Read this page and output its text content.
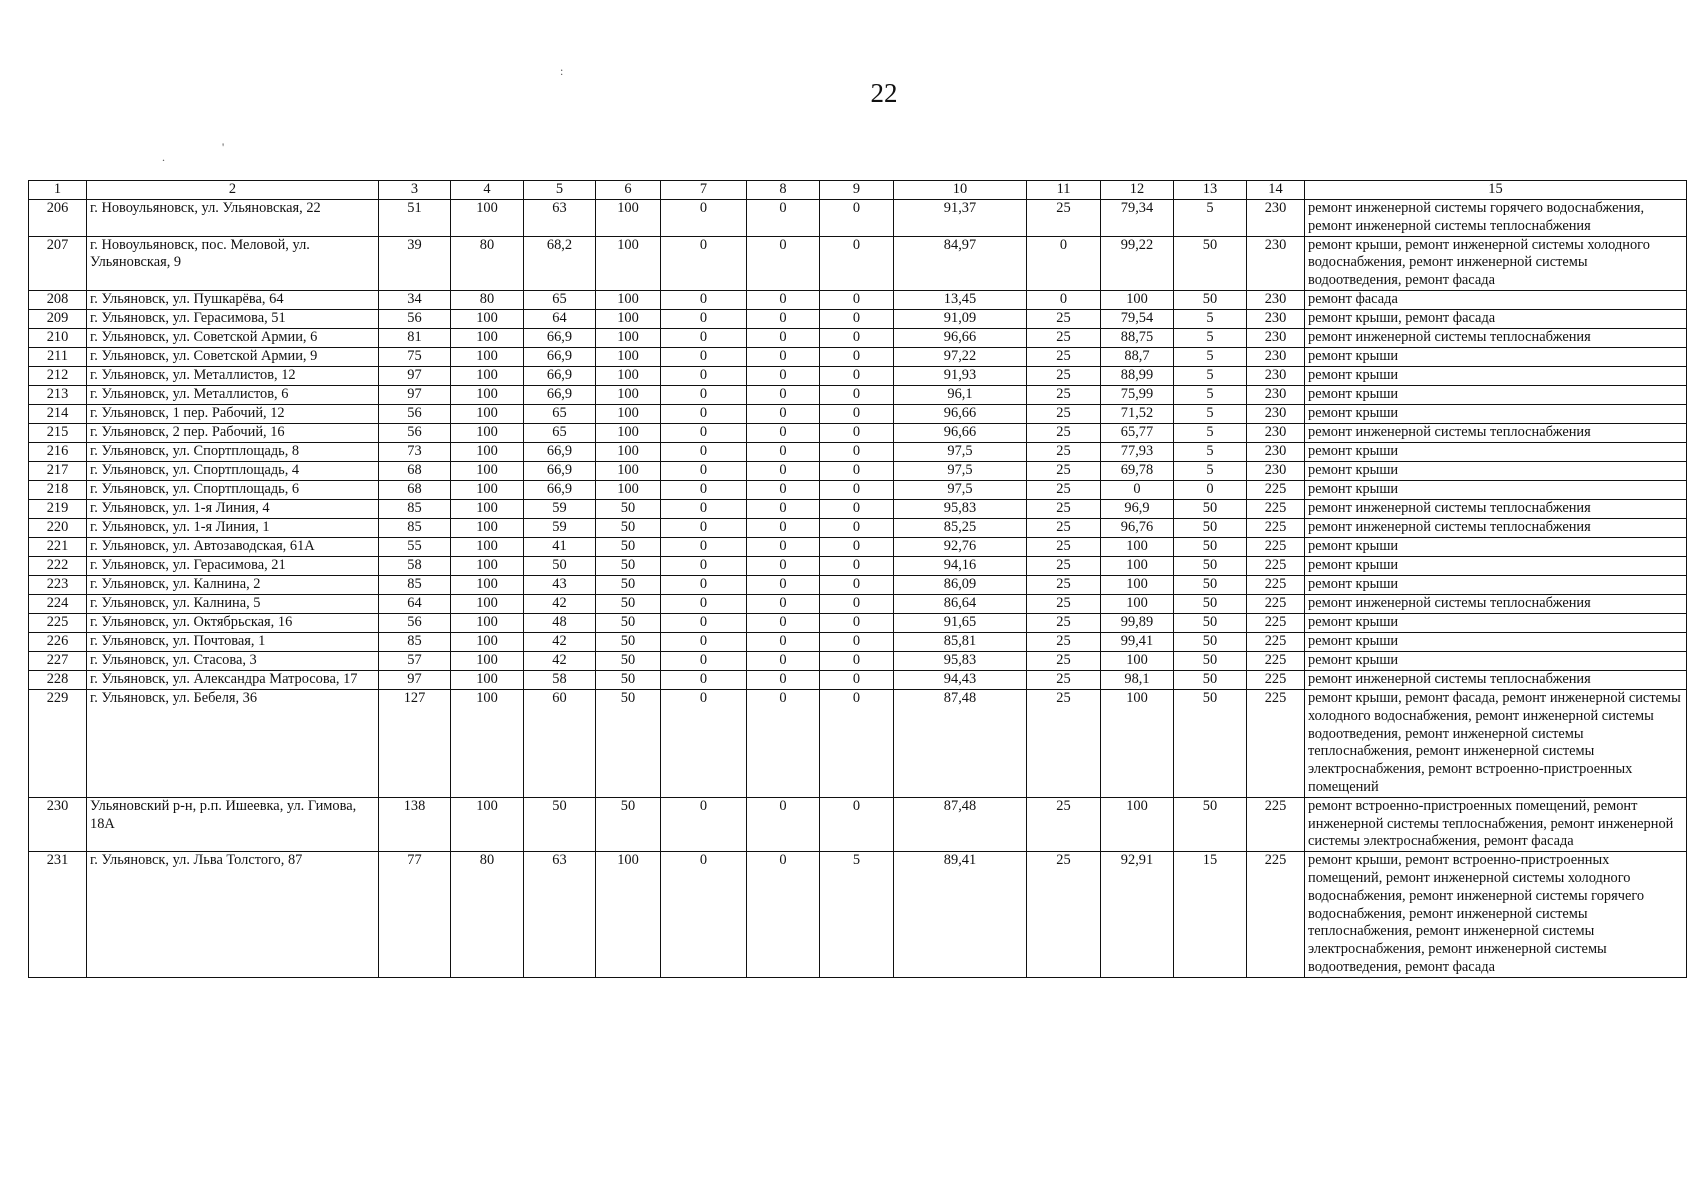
:
.
'
22
1	2	3	4	5	6	7	8	9	10	11	12	13	14	15
206	г. Новоульяновск, ул. Ульяновская, 22	51	100	63	100	0	0	0	91,37	25	79,34	5	230	ремонт инженерной системы горячего водоснабжения, ремонт инженерной системы теплоснабжения
207	г. Новоульяновск, пос. Меловой, ул. Ульяновская, 9	39	80	68,2	100	0	0	0	84,97	0	99,22	50	230	ремонт крыши, ремонт инженерной системы холодного водоснабжения, ремонт инженерной системы водоотведения, ремонт фасада
208	г. Ульяновск, ул. Пушкарёва, 64	34	80	65	100	0	0	0	13,45	0	100	50	230	ремонт фасада
209	г. Ульяновск, ул. Герасимова, 51	56	100	64	100	0	0	0	91,09	25	79,54	5	230	ремонт крыши, ремонт фасада
210	г. Ульяновск, ул. Советской Армии, 6	81	100	66,9	100	0	0	0	96,66	25	88,75	5	230	ремонт инженерной системы теплоснабжения
211	г. Ульяновск, ул. Советской Армии, 9	75	100	66,9	100	0	0	0	97,22	25	88,7	5	230	ремонт крыши
212	г. Ульяновск, ул. Металлистов, 12	97	100	66,9	100	0	0	0	91,93	25	88,99	5	230	ремонт крыши
213	г. Ульяновск, ул. Металлистов, 6	97	100	66,9	100	0	0	0	96,1	25	75,99	5	230	ремонт крыши
214	г. Ульяновск, 1 пер. Рабочий, 12	56	100	65	100	0	0	0	96,66	25	71,52	5	230	ремонт крыши
215	г. Ульяновск, 2 пер. Рабочий, 16	56	100	65	100	0	0	0	96,66	25	65,77	5	230	ремонт инженерной системы теплоснабжения
216	г. Ульяновск, ул. Спортплощадь, 8	73	100	66,9	100	0	0	0	97,5	25	77,93	5	230	ремонт крыши
217	г. Ульяновск, ул. Спортплощадь, 4	68	100	66,9	100	0	0	0	97,5	25	69,78	5	230	ремонт крыши
218	г. Ульяновск, ул. Спортплощадь, 6	68	100	66,9	100	0	0	0	97,5	25	0	0	225	ремонт крыши
219	г. Ульяновск, ул. 1-я Линия, 4	85	100	59	50	0	0	0	95,83	25	96,9	50	225	ремонт инженерной системы теплоснабжения
220	г. Ульяновск, ул. 1-я Линия, 1	85	100	59	50	0	0	0	85,25	25	96,76	50	225	ремонт инженерной системы теплоснабжения
221	г. Ульяновск, ул. Автозаводская, 61А	55	100	41	50	0	0	0	92,76	25	100	50	225	ремонт крыши
222	г. Ульяновск, ул. Герасимова, 21	58	100	50	50	0	0	0	94,16	25	100	50	225	ремонт крыши
223	г. Ульяновск, ул. Калнина, 2	85	100	43	50	0	0	0	86,09	25	100	50	225	ремонт крыши
224	г. Ульяновск, ул. Калнина, 5	64	100	42	50	0	0	0	86,64	25	100	50	225	ремонт инженерной системы теплоснабжения
225	г. Ульяновск, ул. Октябрьская, 16	56	100	48	50	0	0	0	91,65	25	99,89	50	225	ремонт крыши
226	г. Ульяновск, ул. Почтовая, 1	85	100	42	50	0	0	0	85,81	25	99,41	50	225	ремонт крыши
227	г. Ульяновск, ул. Стасова, 3	57	100	42	50	0	0	0	95,83	25	100	50	225	ремонт крыши
228	г. Ульяновск, ул. Александра Матросова, 17	97	100	58	50	0	0	0	94,43	25	98,1	50	225	ремонт инженерной системы теплоснабжения
229	г. Ульяновск, ул. Бебеля, 36	127	100	60	50	0	0	0	87,48	25	100	50	225	ремонт крыши, ремонт фасада, ремонт инженерной системы холодного водоснабжения, ремонт инженерной системы водоотведения, ремонт инженерной системы теплоснабжения, ремонт инженерной системы электроснабжения, ремонт встроенно-пристроенных помещений
230	Ульяновский р-н, р.п. Ишеевка, ул. Гимова, 18А	138	100	50	50	0	0	0	87,48	25	100	50	225	ремонт встроенно-пристроенных помещений, ремонт инженерной системы теплоснабжения, ремонт инженерной системы электроснабжения, ремонт фасада
231	г. Ульяновск, ул. Льва Толстого, 87	77	80	63	100	0	0	5	89,41	25	92,91	15	225	ремонт крыши, ремонт встроенно-пристроенных помещений, ремонт инженерной системы холодного водоснабжения, ремонт инженерной системы горячего водоснабжения, ремонт инженерной системы теплоснабжения, ремонт инженерной системы электроснабжения, ремонт инженерной системы водоотведения, ремонт фасада
